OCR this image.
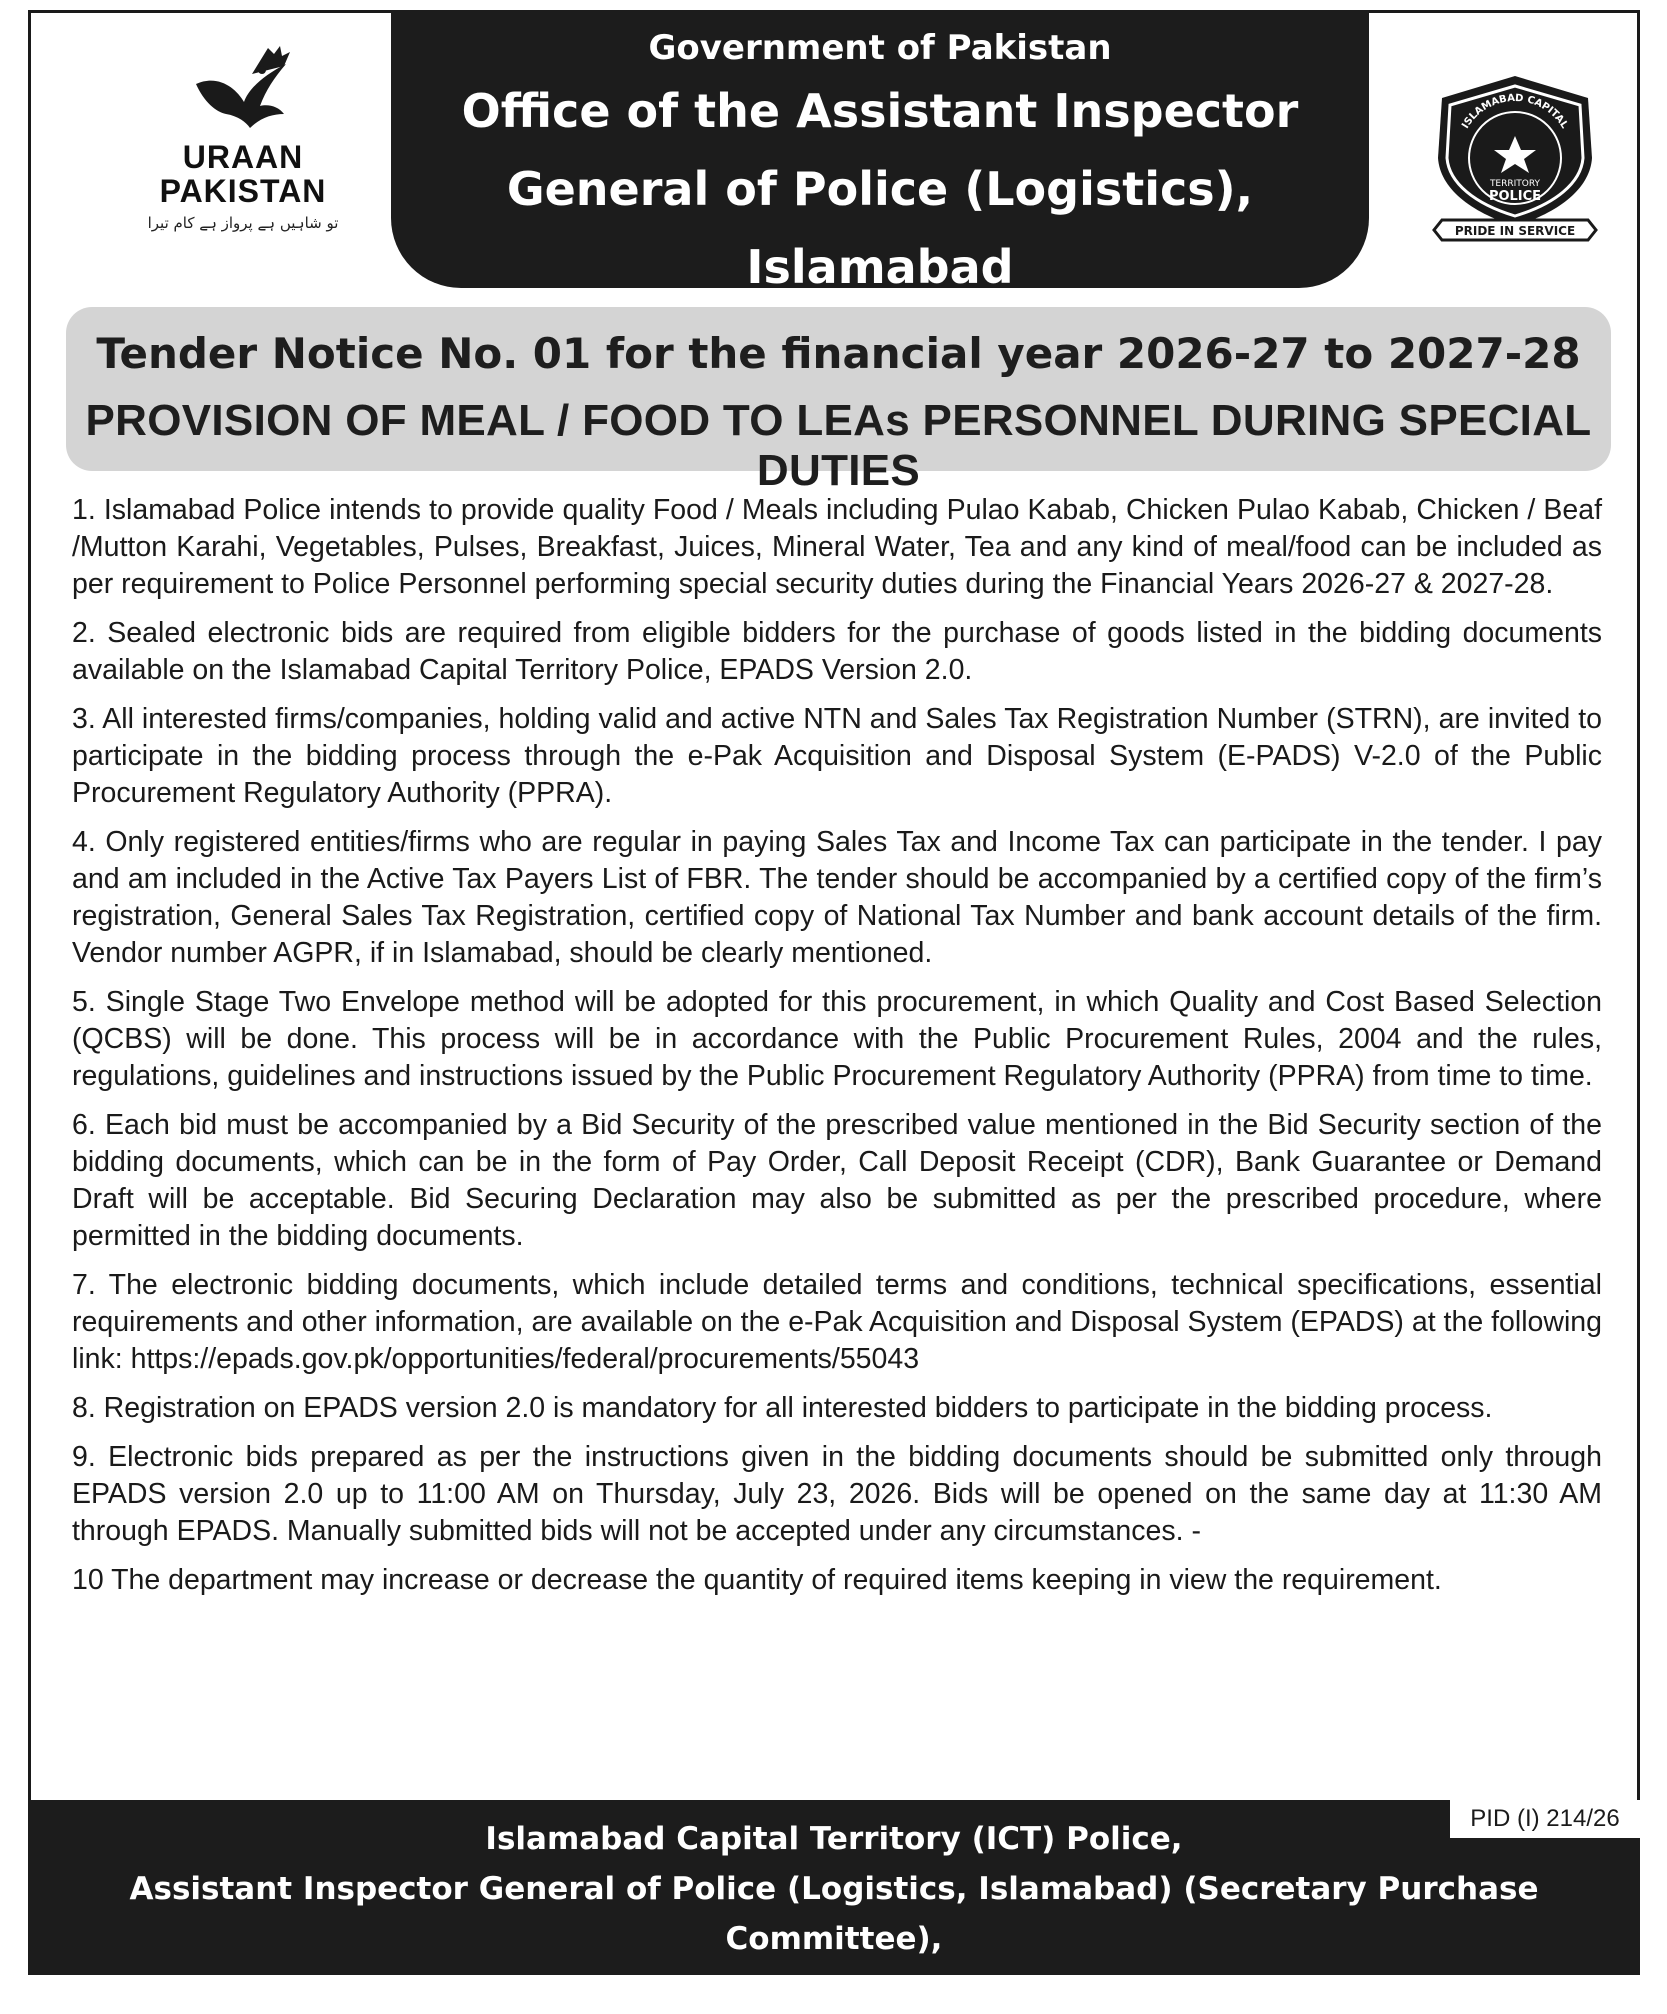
URAAN
PAKISTAN
تو شاہیں ہے پرواز ہے کام تیرا
Government of Pakistan
Office of the Assistant Inspector
General of Police (Logistics),
Islamabad
ISLAMABAD CAPITAL
TERRITORY
POLICE
PRIDE IN SERVICE
Tender Notice No. 01 for the financial year 2026-27 to 2027-28
PROVISION OF MEAL / FOOD TO LEAs PERSONNEL DURING SPECIAL DUTIES

1. Islamabad Police intends to provide quality Food / Meals including Pulao Kabab, Chicken Pulao Kabab, Chicken / Beaf /Mutton Karahi, Vegetables, Pulses, Breakfast, Juices, Mineral Water, Tea and any kind of meal/food can be included as per requirement to Police Personnel performing special security duties during the Financial Years 2026-27 & 2027-28.

2. Sealed electronic bids are required from eligible bidders for the purchase of goods listed in the bidding documents available on the Islamabad Capital Territory Police, EPADS Version 2.0.

3. All interested firms/companies, holding valid and active NTN and Sales Tax Registration Number (STRN), are invited to participate in the bidding process through the e-Pak Acquisition and Disposal System (E-PADS) V-2.0 of the Public Procurement Regulatory Authority (PPRA).

4. Only registered entities/firms who are regular in paying Sales Tax and Income Tax can participate in the tender. I pay and am included in the Active Tax Payers List of FBR. The tender should be accompanied by a certified copy of the firm’s registration, General Sales Tax Registration, certified copy of National Tax Number and bank account details of the firm. Vendor number AGPR, if in Islamabad, should be clearly mentioned.

5. Single Stage Two Envelope method will be adopted for this procurement, in which Quality and Cost Based Selection (QCBS) will be done. This process will be in accordance with the Public Procurement Rules, 2004 and the rules, regulations, guidelines and instructions issued by the Public Procurement Regulatory Authority (PPRA) from time to time.

6. Each bid must be accompanied by a Bid Security of the prescribed value mentioned in the Bid Security section of the bidding documents, which can be in the form of Pay Order, Call Deposit Receipt (CDR), Bank Guarantee or Demand Draft will be acceptable. Bid Securing Declaration may also be submitted as per the prescribed procedure, where permitted in the bidding documents.

7. The electronic bidding documents, which include detailed terms and conditions, technical specifications, essential requirements and other information, are available on the e-Pak Acquisition and Disposal System (EPADS) at the following link: https://epads.gov.pk/opportunities/federal/procurements/55043

8. Registration on EPADS version 2.0 is mandatory for all interested bidders to participate in the bidding process.

9. Electronic bids prepared as per the instructions given in the bidding documents should be submitted only through EPADS version 2.0 up to 11:00 AM on Thursday, July 23, 2026. Bids will be opened on the same day at 11:30 AM through EPADS. Manually submitted bids will not be accepted under any circumstances. -

10 The department may increase or decrease the quantity of required items keeping in view the requirement.

PID (I) 214/26
Islamabad Capital Territory (ICT) Police,
Assistant Inspector General of Police (Logistics, Islamabad) (Secretary Purchase Committee),
Contact No. 051-9258371 (120 & 124)
